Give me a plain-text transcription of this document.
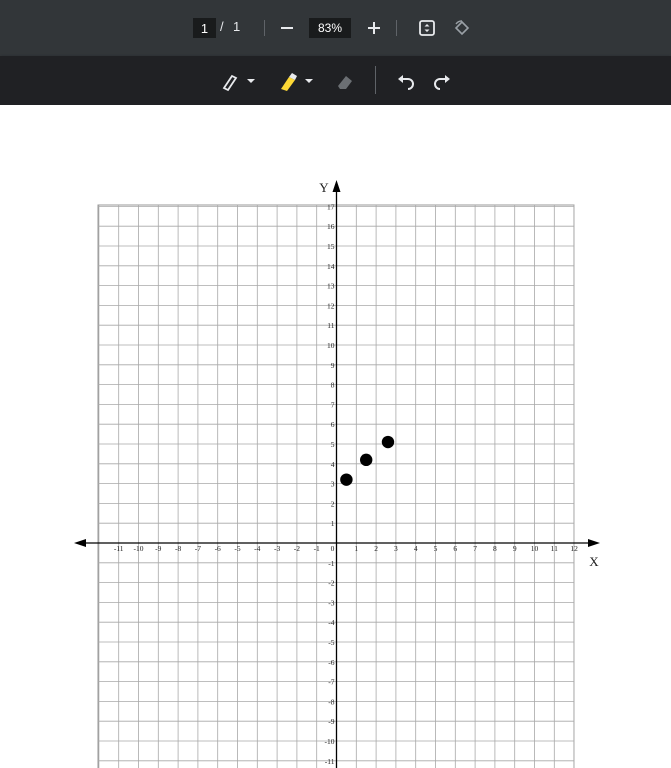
1 / 1	83%
X
Y
-11 -10 -9 -8 -7 -6 -5 -4 -3 -2 -1 0	1 2 3 4 5 6 7 8 9 10 11 12
17
16
15
14
13
12
11
10
9
8
7
6
5
4
3
2
1
-1
-2
-3
-4
-5
-6
-7
-8
-9
-10
-11
